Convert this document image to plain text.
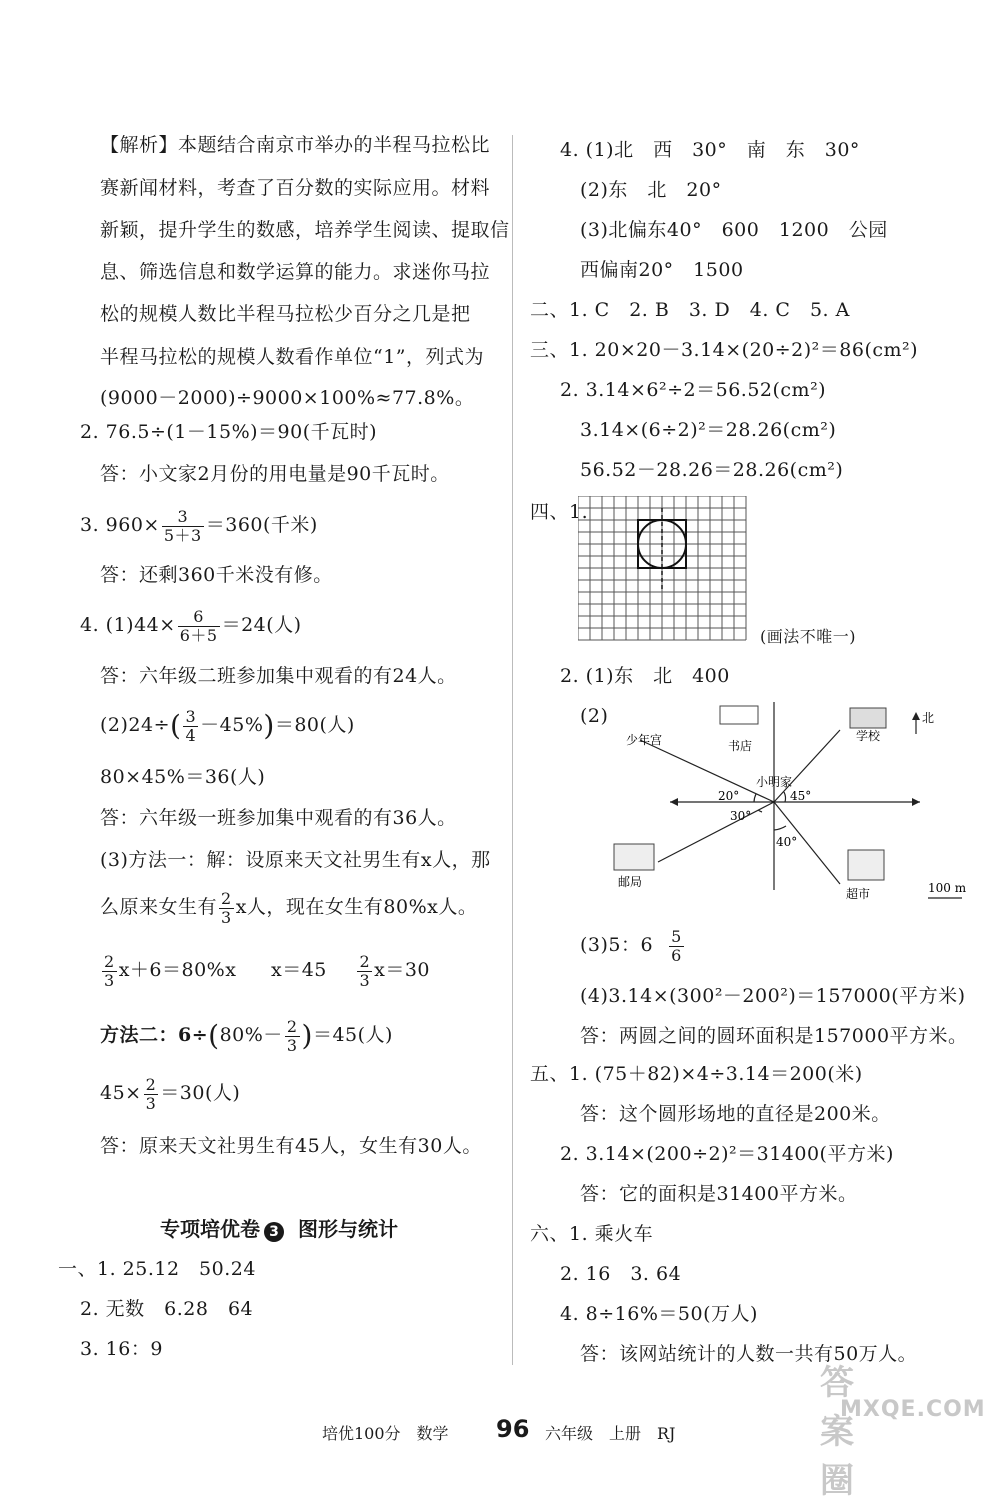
【解析】本题结合南京市举办的半程马拉松比
赛新闻材料，考查了百分数的实际应用。材料
新颖，提升学生的数感，培养学生阅读、提取信
息、筛选信息和数学运算的能力。求迷你马拉
松的规模人数比半程马拉松少百分之几是把
半程马拉松的规模人数看作单位“1”，列式为
(9000－2000)÷9000×100%≈77.8%。
2. 76.5÷(1－15%)＝90(千瓦时)
答：小文家2月份的用电量是90千瓦时。
3. $960\times \frac{3}{5+3} =360$(千米)
答：还剩360千米没有修。
4. $(1)44\times \frac{6}{6+5} =24$(人)
答：六年级二班参加集中观看的有24人。
$(2)24\div( \frac{3}{4} -45\%)=80$(人)
80×45%＝36(人)
答：六年级一班参加集中观看的有36人。
(3)方法一：解：设原来天文社男生有x人，那
么原来女生有 $\frac{2}{3}$ x人，现在女生有80%x人。
$\frac{2}{3} x+6=80\%x$ $x=45 \frac{2}{3} x=30$
方法二：$6\div(80\%- \frac{2}{3} )=45$(人)
$45\times \frac{2}{3} =30$(人)
答：原来天文社男生有45人，女生有30人。
专项培优卷 3 图形与统计
一、1. 25.12　50.24
2. 无数　6.28　64
3. 16：9
4. (1)北　西　30°　南　东　30°
(2)东　北　20°
(3)北偏东40°　600　1200　公园
西偏南20°　1500
二、1. C　2. B　3. D　4. C　5. A
三、1. 20×20－3.14×(20÷2)²＝86(cm²)
2. 3.14×6²÷2＝56.52(cm²)
3.14×(6÷2)²＝28.26(cm²)
56.52－28.26＝28.26(cm²)
四、1.
(画法不唯一)
2. (1)东　北　400
(2)	北
少年宫	书店
学校
小明家
邮局
超市
45°
20°
30°
40°
100 m
(3)5：$6 \frac{5}{6}$
(4)3.14×(300²－200²)＝157000(平方米)
答：两圆之间的圆环面积是157000平方米。
五、1. (75＋82)×4÷3.14＝200(米)
答：这个圆形场地的直径是200米。
2. 3.14×(200÷2)²＝31400(平方米)
答：它的面积是31400平方米。
六、1. 乘火车
2. 16　3. 64
4. 8÷16%＝50(万人)
答：该网站统计的人数一共有50万人。
答案圈
MXQE.COM
培优100分　数学 96 六年级　上册　RJ
